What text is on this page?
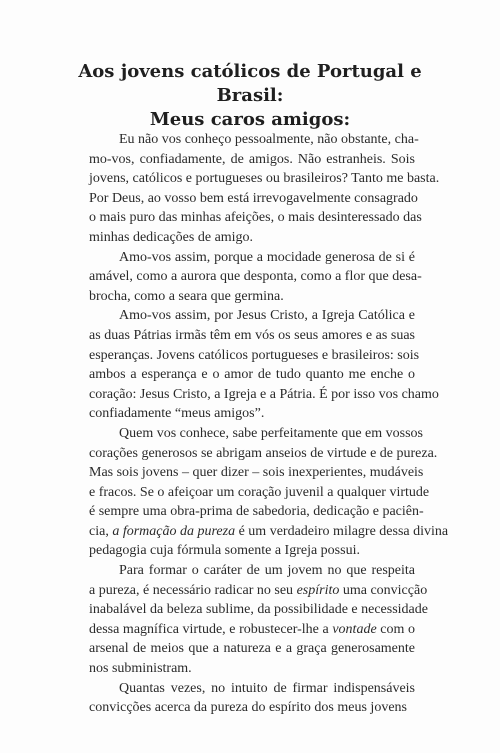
Aos jovens católicos de Portugal e Brasil:
Meus caros amigos:
Eu não vos conheço pessoalmente, não obstante, cha-
mo-vos, confiadamente, de amigos. Não estranheis. Sois
jovens, católicos e portugueses ou brasileiros? Tanto me basta.
Por Deus, ao vosso bem está irrevogavelmente consagrado
o mais puro das minhas afeições, o mais desinteressado das
minhas dedicações de amigo.
Amo-vos assim, porque a mocidade generosa de si é
amável, como a aurora que desponta, como a flor que desa-
brocha, como a seara que germina.
Amo-vos assim, por Jesus Cristo, a Igreja Católica e
as duas Pátrias irmãs têm em vós os seus amores e as suas
esperanças. Jovens católicos portugueses e brasileiros: sois
ambos a esperança e o amor de tudo quanto me enche o
coração: Jesus Cristo, a Igreja e a Pátria. É por isso vos chamo
confiadamente “meus amigos”.
Quem vos conhece, sabe perfeitamente que em vossos
corações generosos se abrigam anseios de virtude e de pureza.
Mas sois jovens – quer dizer – sois inexperientes, mudáveis
e fracos. Se o afeiçoar um coração juvenil a qualquer virtude
é sempre uma obra-prima de sabedoria, dedicação e paciên-
cia, a formação da pureza é um verdadeiro milagre dessa divina
pedagogia cuja fórmula somente a Igreja possui.
Para formar o caráter de um jovem no que respeita
a pureza, é necessário radicar no seu espírito uma convicção
inabalável da beleza sublime, da possibilidade e necessidade
dessa magnífica virtude, e robustecer-lhe a vontade com o
arsenal de meios que a natureza e a graça generosamente
nos subministram.
Quantas vezes, no intuito de firmar indispensáveis
convicções acerca da pureza do espírito dos meus jovens
